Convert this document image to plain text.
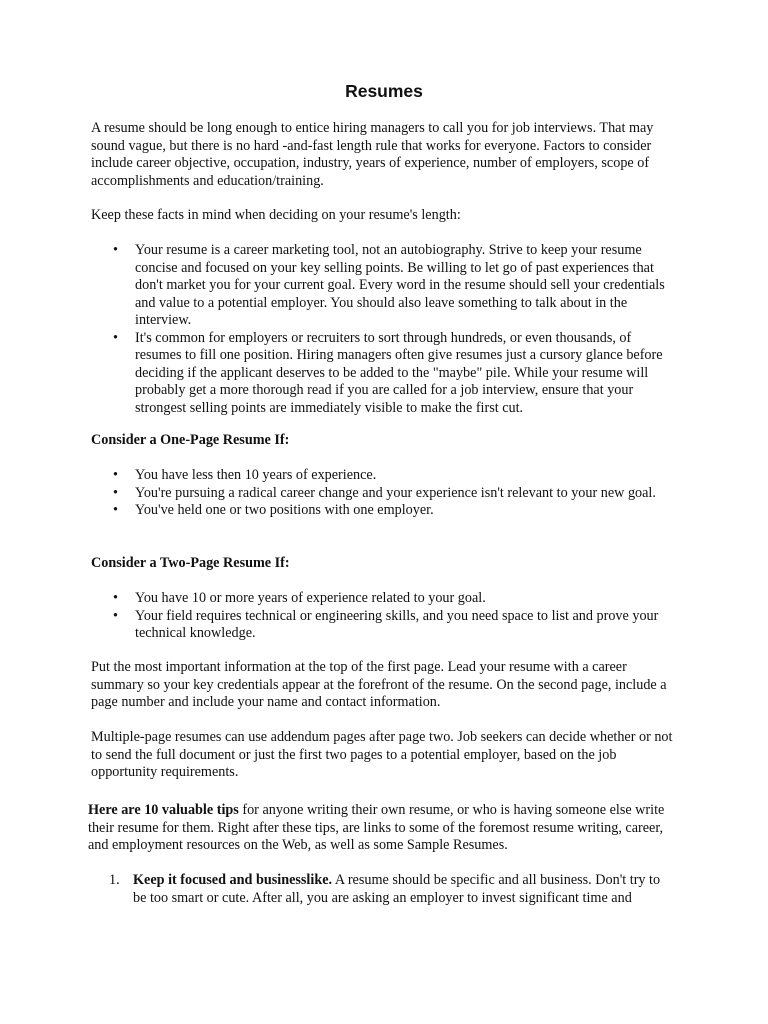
Resumes

A resume should be long enough to entice hiring managers to call you for job interviews. That may sound vague, but there is no hard -and-fast length rule that works for everyone. Factors to consider include career objective, occupation, industry, years of experience, number of employers, scope of accomplishments and education/training.

Keep these facts in mind when deciding on your resume's length:

• Your resume is a career marketing tool, not an autobiography. Strive to keep your resume concise and focused on your key selling points. Be willing to let go of past experiences that don't market you for your current goal. Every word in the resume should sell your credentials and value to a potential employer. You should also leave something to talk about in the interview.
• It's common for employers or recruiters to sort through hundreds, or even thousands, of resumes to fill one position. Hiring managers often give resumes just a cursory glance before deciding if the applicant deserves to be added to the "maybe" pile. While your resume will probably get a more thorough read if you are called for a job interview, ensure that your strongest selling points are immediately visible to make the first cut.

Consider a One-Page Resume If:

• You have less then 10 years of experience.
• You're pursuing a radical career change and your experience isn't relevant to your new goal.
• You've held one or two positions with one employer.

Consider a Two-Page Resume If:

• You have 10 or more years of experience related to your goal.
• Your field requires technical or engineering skills, and you need space to list and prove your technical knowledge.

Put the most important information at the top of the first page. Lead your resume with a career summary so your key credentials appear at the forefront of the resume. On the second page, include a page number and include your name and contact information.

Multiple-page resumes can use addendum pages after page two. Job seekers can decide whether or not to send the full document or just the first two pages to a potential employer, based on the job opportunity requirements.

Here are 10 valuable tips for anyone writing their own resume, or who is having someone else write their resume for them. Right after these tips, are links to some of the foremost resume writing, career, and employment resources on the Web, as well as some Sample Resumes.

1. Keep it focused and businesslike. A resume should be specific and all business. Don't try to be too smart or cute. After all, you are asking an employer to invest significant time and
